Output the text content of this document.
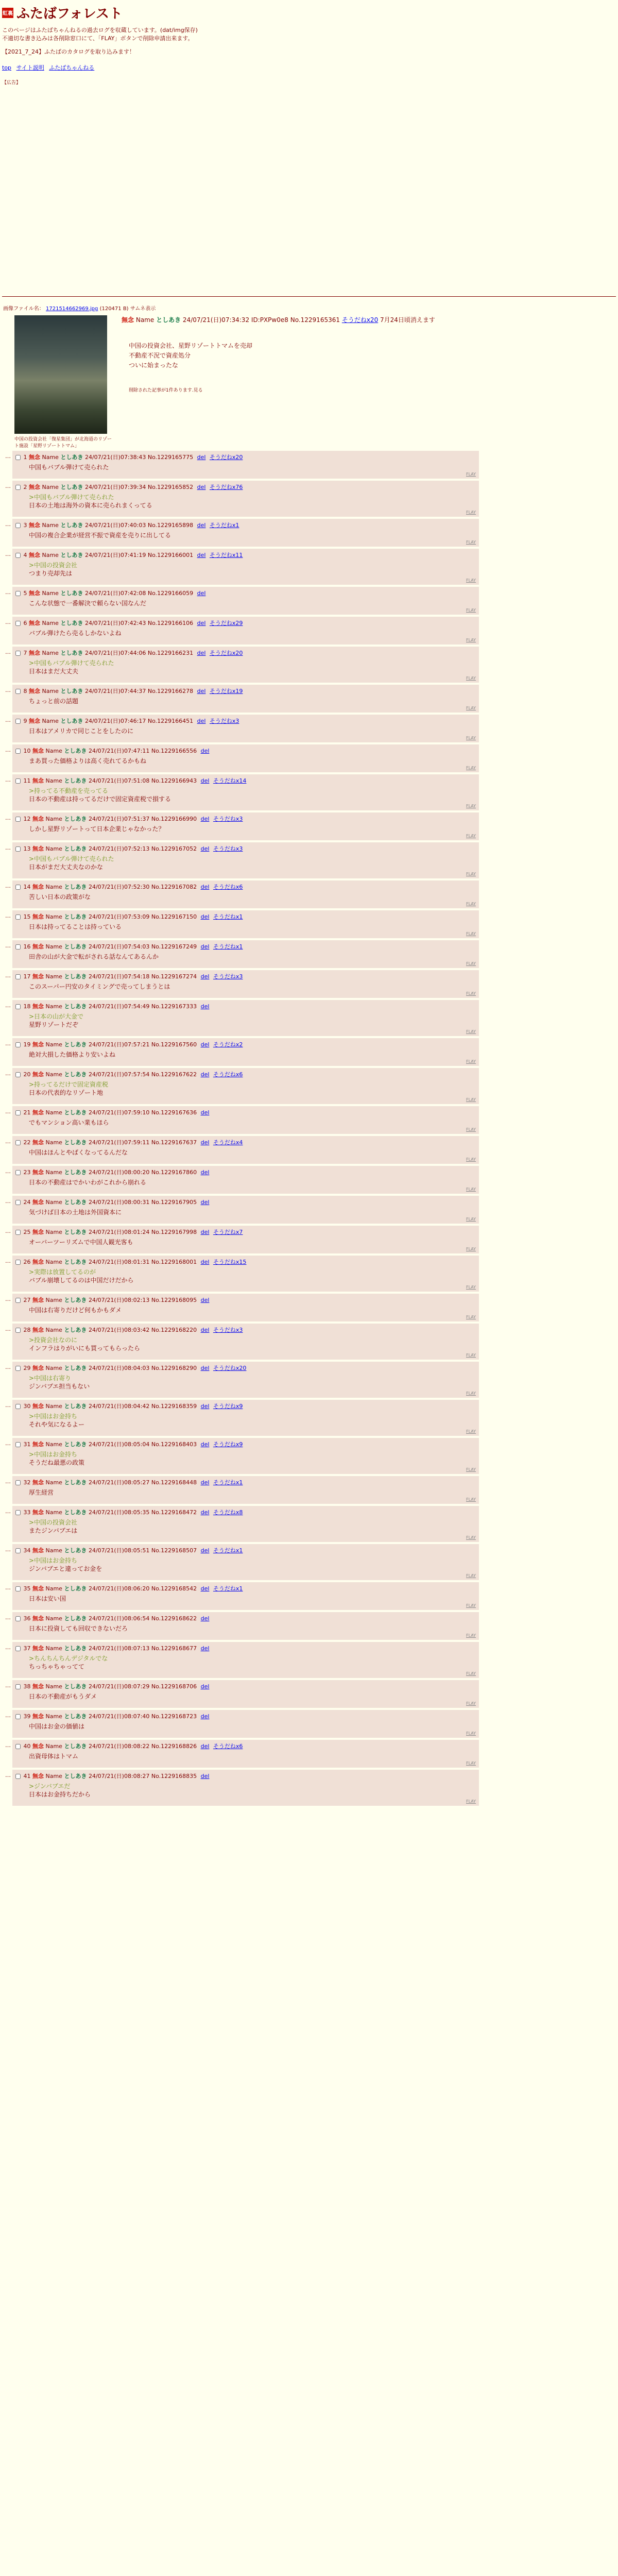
虹裏 ふたばフォレスト
このページはふたばちゃんねるの過去ログを収蔵しています。(dat/img保存)
不適切な書き込みは各削除窓口にて、「FLAY」ボタンで削除申請出来ます。
【2021_7_24】ふたばのカタログを取り込みます！
top サイト説明 ふたばちゃんねる
【広告】
画像ファイル名： 1721514662969.jpg (120471 B) サムネ表示
中国の投資会社「復星集団」が北海道のリゾート施設「星野リゾートトマム」
無念 Name としあき 24/07/21(日)07:34:32 ID:PXPw0e8 No.1229165361 そうだねx20 7月24日頃消えます
中国の投資会社、星野リゾートトマムを売却
不動産不況で資産処分
ついに始まったな
削除された記事が1件あります.見る
…	1 無念 Name としあき 24/07/21(日)07:38:43 No.1229165775 del そうだねx20
中国もバブル弾けて売られた
FLAY
…	2 無念 Name としあき 24/07/21(日)07:39:34 No.1229165852 del そうだねx76
>中国もバブル弾けて売られた
日本の土地は海外の資本に売られまくってる
FLAY
…	3 無念 Name としあき 24/07/21(日)07:40:03 No.1229165898 del そうだねx1
中国の複合企業が経営不振で資産を売りに出してる
FLAY
…	4 無念 Name としあき 24/07/21(日)07:41:19 No.1229166001 del そうだねx11
>中国の投資会社
つまり売却先は
FLAY
…	5 無念 Name としあき 24/07/21(日)07:42:08 No.1229166059 del
こんな状態で一番解決で頼らない国なんだ
FLAY
…	6 無念 Name としあき 24/07/21(日)07:42:43 No.1229166106 del そうだねx29
バブル弾けたら売るしかないよね
FLAY
…	7 無念 Name としあき 24/07/21(日)07:44:06 No.1229166231 del そうだねx20
>中国もバブル弾けて売られた
日本はまだ大丈夫
FLAY
…	8 無念 Name としあき 24/07/21(日)07:44:37 No.1229166278 del そうだねx19
ちょっと前の話題
FLAY
…	9 無念 Name としあき 24/07/21(日)07:46:17 No.1229166451 del そうだねx3
日本はアメリカで同じことをしたのに
FLAY
…	10 無念 Name としあき 24/07/21(日)07:47:11 No.1229166556 del
まあ買った価格よりは高く売れてるかもね
FLAY
…	11 無念 Name としあき 24/07/21(日)07:51:08 No.1229166943 del そうだねx14
>持ってる不動産を売ってる
日本の不動産は持ってるだけで固定資産税で損する
FLAY
…	12 無念 Name としあき 24/07/21(日)07:51:37 No.1229166990 del そうだねx3
しかし星野リゾートって日本企業じゃなかった？
FLAY
…	13 無念 Name としあき 24/07/21(日)07:52:13 No.1229167052 del そうだねx3
>中国もバブル弾けて売られた
日本がまだ大丈夫なのかな
FLAY
…	14 無念 Name としあき 24/07/21(日)07:52:30 No.1229167082 del そうだねx6
苦しい日本の政策がな
FLAY
…	15 無念 Name としあき 24/07/21(日)07:53:09 No.1229167150 del そうだねx1
日本は持ってることは持っている
FLAY
…	16 無念 Name としあき 24/07/21(日)07:54:03 No.1229167249 del そうだねx1
田舎の山が大金で転がされる話なんてあるんか
FLAY
…	17 無念 Name としあき 24/07/21(日)07:54:18 No.1229167274 del そうだねx3
このスーパー円安のタイミングで売ってしまうとは
FLAY
…	18 無念 Name としあき 24/07/21(日)07:54:49 No.1229167333 del
>日本の山が大金で
星野リゾートだぞ
FLAY
…	19 無念 Name としあき 24/07/21(日)07:57:21 No.1229167560 del そうだねx2
絶対大損した価格より安いよね
FLAY
…	20 無念 Name としあき 24/07/21(日)07:57:54 No.1229167622 del そうだねx6
>持ってるだけで固定資産税
日本の代表的なリゾート地
FLAY
…	21 無念 Name としあき 24/07/21(日)07:59:10 No.1229167636 del
でもマンション高い業もほら
FLAY
…	22 無念 Name としあき 24/07/21(日)07:59:11 No.1229167637 del そうだねx4
中国はほんとやばくなってるんだな
FLAY
…	23 無念 Name としあき 24/07/21(日)08:00:20 No.1229167860 del
日本の不動産はでかいわがこれから崩れる
FLAY
…	24 無念 Name としあき 24/07/21(日)08:00:31 No.1229167905 del
気づけば日本の土地は外国資本に
FLAY
…	25 無念 Name としあき 24/07/21(日)08:01:24 No.1229167998 del そうだねx7
オーバーツーリズムで中国人観光客も
FLAY
…	26 無念 Name としあき 24/07/21(日)08:01:31 No.1229168001 del そうだねx15
>実際は放置してるのが
バブル崩壊してるのは中国だけだから
FLAY
…	27 無念 Name としあき 24/07/21(日)08:02:13 No.1229168095 del
中国は右寄りだけど何もかもダメ
FLAY
…	28 無念 Name としあき 24/07/21(日)08:03:42 No.1229168220 del そうだねx3
>投資会社なのに
インフラはりがいにも買ってもらったら
FLAY
…	29 無念 Name としあき 24/07/21(日)08:04:03 No.1229168290 del そうだねx20
>中国は右寄り
ジンバブエ担当もない
FLAY
…	30 無念 Name としあき 24/07/21(日)08:04:42 No.1229168359 del そうだねx9
>中国はお金持ち
それや気になるよー
FLAY
…	31 無念 Name としあき 24/07/21(日)08:05:04 No.1229168403 del そうだねx9
>中国はお金持ち
そうだね最悪の政策
FLAY
…	32 無念 Name としあき 24/07/21(日)08:05:27 No.1229168448 del そうだねx1
厚生経営
FLAY
…	33 無念 Name としあき 24/07/21(日)08:05:35 No.1229168472 del そうだねx8
>中国の投資会社
またジンバブエは
FLAY
…	34 無念 Name としあき 24/07/21(日)08:05:51 No.1229168507 del そうだねx1
>中国はお金持ち
ジンバブエと違ってお金を
FLAY
…	35 無念 Name としあき 24/07/21(日)08:06:20 No.1229168542 del そうだねx1
日本は安い国
FLAY
…	36 無念 Name としあき 24/07/21(日)08:06:54 No.1229168622 del
日本に投資しても回収できないだろ
FLAY
…	37 無念 Name としあき 24/07/21(日)08:07:13 No.1229168677 del
>ちんちんちんデジタルでな
ちっちゃちゃってて
FLAY
…	38 無念 Name としあき 24/07/21(日)08:07:29 No.1229168706 del
日本の不動産がもうダメ
FLAY
…	39 無念 Name としあき 24/07/21(日)08:07:40 No.1229168723 del
中国はお金の価値は
FLAY
…	40 無念 Name としあき 24/07/21(日)08:08:22 No.1229168826 del そうだねx6
出資母体はトマム
FLAY
…	41 無念 Name としあき 24/07/21(日)08:08:27 No.1229168835 del
>ジンバブエだ
日本はお金持ちだから
FLAY
